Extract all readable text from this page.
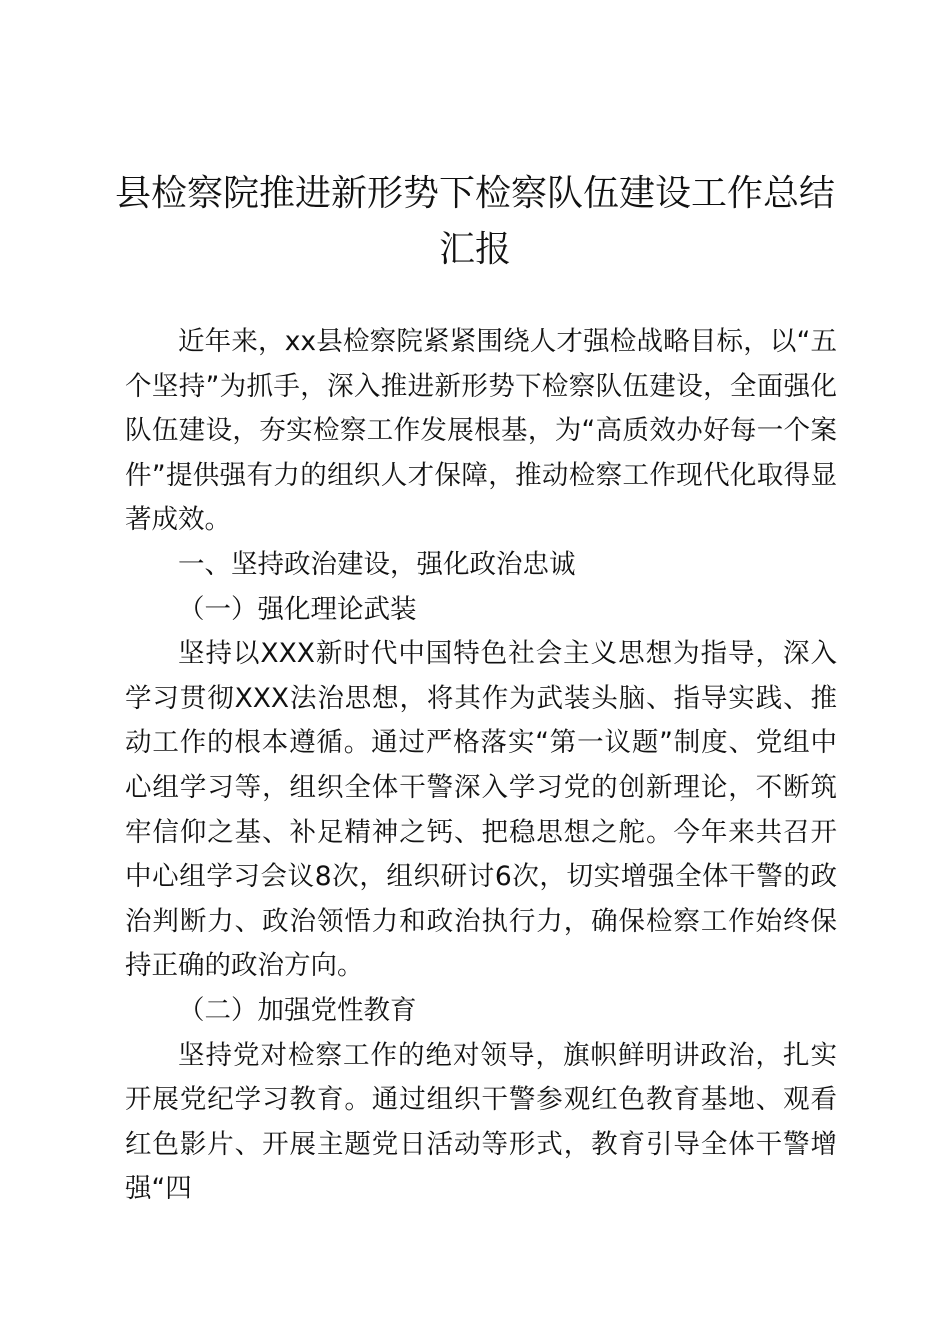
县检察院推进新形势下检察队伍建设工作总结汇报

近年来，xx县检察院紧紧围绕人才强检战略目标，以“五个坚持”为抓手，深入推进新形势下检察队伍建设，全面强化队伍建设，夯实检察工作发展根基，为“高质效办好每一个案件”提供强有力的组织人才保障，推动检察工作现代化取得显著成效。

一、坚持政治建设，强化政治忠诚

（一）强化理论武装

坚持以XXX新时代中国特色社会主义思想为指导，深入学习贯彻XXX法治思想，将其作为武装头脑、指导实践、推动工作的根本遵循。通过严格落实“第一议题”制度、党组中心组学习等，组织全体干警深入学习党的创新理论，不断筑牢信仰之基、补足精神之钙、把稳思想之舵。今年来共召开中心组学习会议8次，组织研讨6次，切实增强全体干警的政治判断力、政治领悟力和政治执行力，确保检察工作始终保持正确的政治方向。

（二）加强党性教育

坚持党对检察工作的绝对领导，旗帜鲜明讲政治，扎实开展党纪学习教育。通过组织干警参观红色教育基地、观看红色影片、开展主题党日活动等形式，教育引导全体干警增强“四
